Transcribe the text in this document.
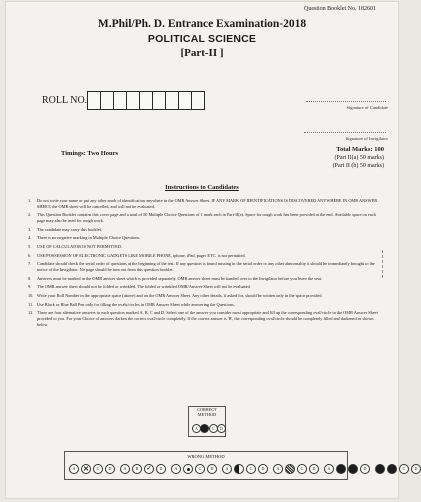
Question Booklet No. 182601
M.Phil/Ph. D. Entrance Examination-2018
POLITICAL SCIENCE
[Part-II ]
ROLL NO.
Signature of Candidate
Signature of Invigilator
Timings: Two Hours
Total Marks: 100
(Part II(a) 50 marks)
(Part II (b) 50 marks)
Instructions to Candidates
1. Do not write your name or put any other mark of identification anywhere in the OMR Answer Sheet. IF ANY MARK OF IDENTIFICATIONS IS DISCOVERED ANYWHERE IN OMR ANSWER SHEET, the OMR sheet will be cancelled, and will not be evaluated.
2. This Question Booklet contains this cover page and a total of 50 Multiple Choice Questions of 1 mark each in Part-II(a). Space for rough work has been provided at the end. Available space on each page may also be used for rough work.
3. The candidate may carry this booklet.
4. There is no negative marking in Multiple Choice Questions.
5. USE OF CALCULATOR IS NOT PERMITTED.
6. USE/POSSESSION OF ELECTRONIC GADGETS LIKE MOBILE PHONE, iphone, iPad, pager ETC. is not permitted.
7. Candidate should check the serial order of questions at the beginning of the test. If any question is found missing in the serial order or any other abnormality it should be immediately brought to the notice of the Invigilator. No page should be torn out from this question booklet.
8. Answers must be marked in the OMR answer sheet which is provided separately. OMR answer sheet must be handed over to the Invigilator before you leave the seat.
9. The OMR answer sheet should not be folded or wrinkled. The folded or wrinkled OMR/Answer Sheet will not be evaluated.
10. Write your Roll Number in the appropriate space (above) and on the OMR Answer Sheet. Any other details, if asked for, should be written only in the space provided.
11. Use Black or Blue Ball Pen only for filling the ovals/circles in OMR Answer Sheet while answering the Questions.
12. There are four alternative answers to each question marked A, B, C and D. Select one of the answer you consider most appropriate and fill up the corresponding oval/circle in the OMR Answer Sheet provided to you. For your Choice of answers darken the correct oval/circle completely. If the correct answer is 'B', the corresponding oval/circle should be completely filled and darkened as shown below.
CORRECT METHOD
A	B	C	D
WRONG METHOD
A	✕	C	D	A	B	✓	D	A	C	D	A	C	D	A	C	D	A	D	C	D
